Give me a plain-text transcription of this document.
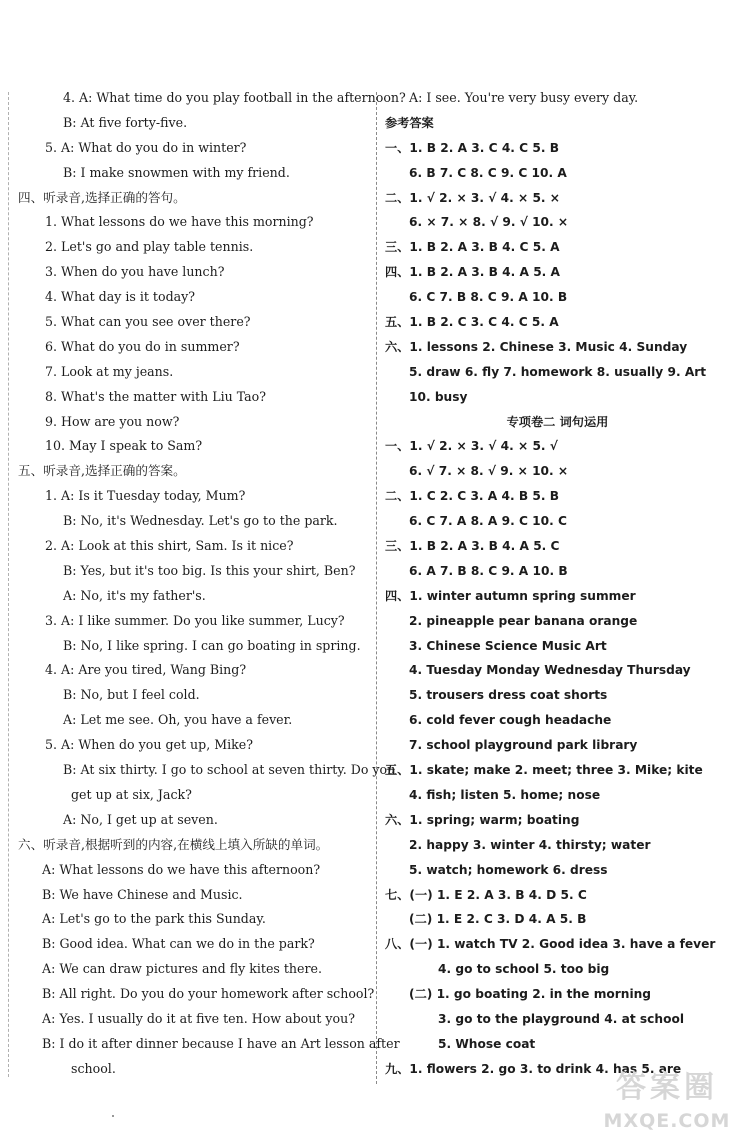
4. A: What time do you play football in the afternoon?
B: At five forty-five.
5. A: What do you do in winter?
B: I make snowmen with my friend.
四、听录音,选择正确的答句。
1. What lessons do we have this morning?
2. Let's go and play table tennis.
3. When do you have lunch?
4. What day is it today?
5. What can you see over there?
6. What do you do in summer?
7. Look at my jeans.
8. What's the matter with Liu Tao?
9. How are you now?
10. May I speak to Sam?
五、听录音,选择正确的答案。
1. A: Is it Tuesday today, Mum?
B: No, it's Wednesday. Let's go to the park.
2. A: Look at this shirt, Sam. Is it nice?
B: Yes, but it's too big. Is this your shirt, Ben?
A: No, it's my father's.
3. A: I like summer. Do you like summer, Lucy?
B: No, I like spring. I can go boating in spring.
4. A: Are you tired, Wang Bing?
B: No, but I feel cold.
A: Let me see. Oh, you have a fever.
5. A: When do you get up, Mike?
B: At six thirty. I go to school at seven thirty. Do you
get up at six, Jack?
A: No, I get up at seven.
六、听录音,根据听到的内容,在横线上填入所缺的单词。
A: What lessons do we have this afternoon?
B: We have Chinese and Music.
A: Let's go to the park this Sunday.
B: Good idea. What can we do in the park?
A: We can draw pictures and fly kites there.
B: All right. Do you do your homework after school?
A: Yes. I usually do it at five ten. How about you?
B: I do it after dinner because I have an Art lesson after
school.
A: I see. You're very busy every day.
参考答案
一、1. B 2. A 3. C 4. C 5. B
6. B 7. C 8. C 9. C 10. A
二、1. √ 2. × 3. √ 4. × 5. ×
6. × 7. × 8. √ 9. √ 10. ×
三、1. B 2. A 3. B 4. C 5. A
四、1. B 2. A 3. B 4. A 5. A
6. C 7. B 8. C 9. A 10. B
五、1. B 2. C 3. C 4. C 5. A
六、1. lessons 2. Chinese 3. Music 4. Sunday
5. draw 6. fly 7. homework 8. usually 9. Art
10. busy
专项卷二 词句运用
一、1. √ 2. × 3. √ 4. × 5. √
6. √ 7. × 8. √ 9. × 10. ×
二、1. C 2. C 3. A 4. B 5. B
6. C 7. A 8. A 9. C 10. C
三、1. B 2. A 3. B 4. A 5. C
6. A 7. B 8. C 9. A 10. B
四、1. winter autumn spring summer
2. pineapple pear banana orange
3. Chinese Science Music Art
4. Tuesday Monday Wednesday Thursday
5. trousers dress coat shorts
6. cold fever cough headache
7. school playground park library
五、1. skate; make 2. meet; three 3. Mike; kite
4. fish; listen 5. home; nose
六、1. spring; warm; boating
2. happy 3. winter 4. thirsty; water
5. watch; homework 6. dress
七、(一) 1. E 2. A 3. B 4. D 5. C
(二) 1. E 2. C 3. D 4. A 5. B
八、(一) 1. watch TV 2. Good idea 3. have a fever
4. go to school 5. too big
(二) 1. go boating 2. in the morning
3. go to the playground 4. at school
5. Whose coat
九、1. flowers 2. go 3. to drink 4. has 5. are
答案圈
MXQE.COM
